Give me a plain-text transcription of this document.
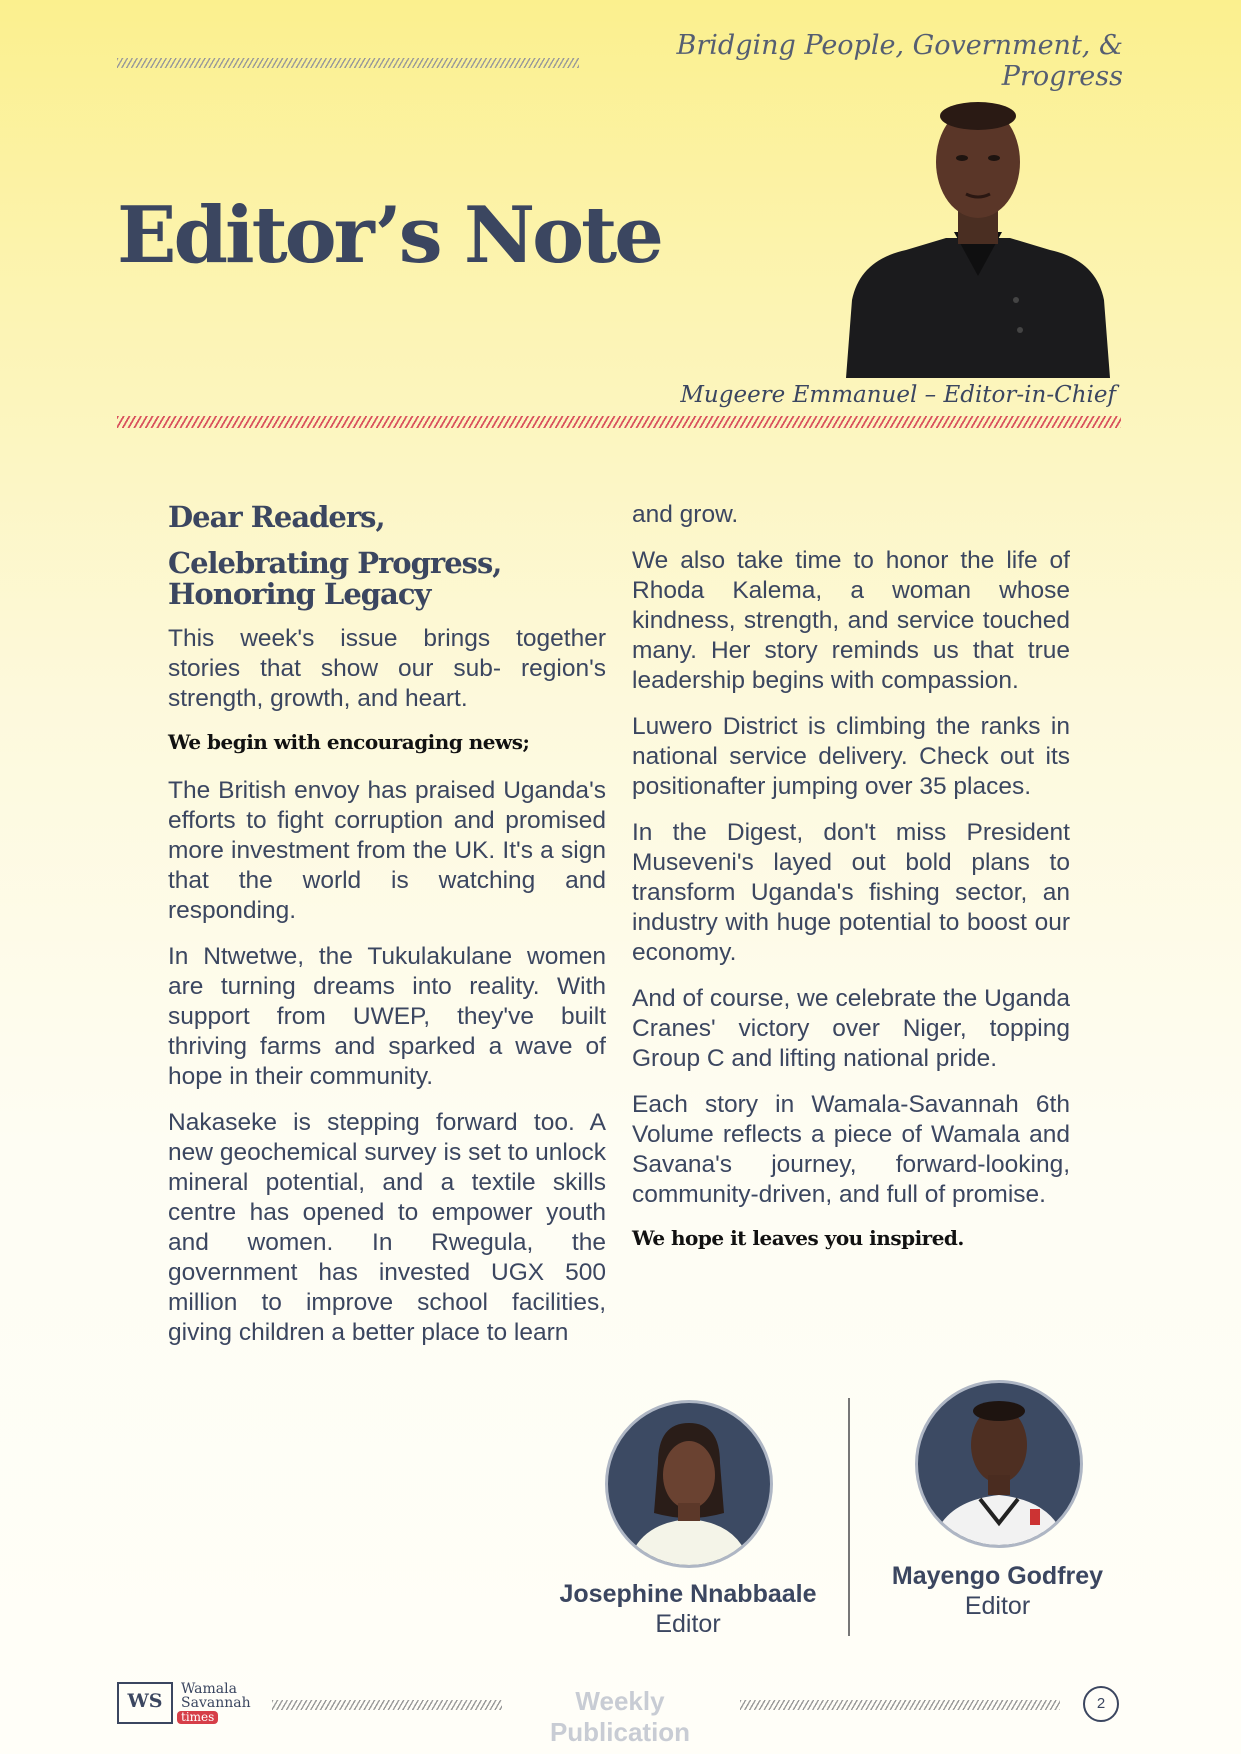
Bridging People, Government, & Progress
Editor’s Note
Mugeere Emmanuel – Editor-in-Chief
Dear Readers,
Celebrating Progress, Honoring Legacy

This week's issue brings together stories that show our sub- region's strength, growth, and heart.

We begin with encouraging news;

The British envoy has praised Uganda's efforts to fight corruption and promised more investment from the UK. It's a sign that the world is watching and responding.

In Ntwetwe, the Tukulakulane women are turning dreams into reality. With support from UWEP, they've built thriving farms and sparked a wave of hope in their community.

Nakaseke is stepping forward too. A new geochemical survey is set to unlock mineral potential, and a textile skills centre has opened to empower youth and women. In Rwegula, the government has invested UGX 500 million to improve school facilities, giving children a better place to learn

and grow.

We also take time to honor the life of Rhoda Kalema, a woman whose kindness, strength, and service touched many. Her story reminds us that true leadership begins with compassion.

Luwero District is climbing the ranks in national service delivery. Check out its positionafter jumping over 35 places.

In the Digest, don't miss President Museveni's layed out bold plans to transform Uganda's fishing sector, an industry with huge potential to boost our economy.

And of course, we celebrate the Uganda Cranes' victory over Niger, topping Group C and lifting national pride.

Each story in Wamala-Savannah 6th Volume reflects a piece of Wamala and Savana's journey, forward-looking, community-driven, and full of promise.

We hope it leaves you inspired.
Josephine Nnabbaale
Editor
Mayengo Godfrey
Editor
WS
Wamala
Savannah
times
Weekly Publication
2
